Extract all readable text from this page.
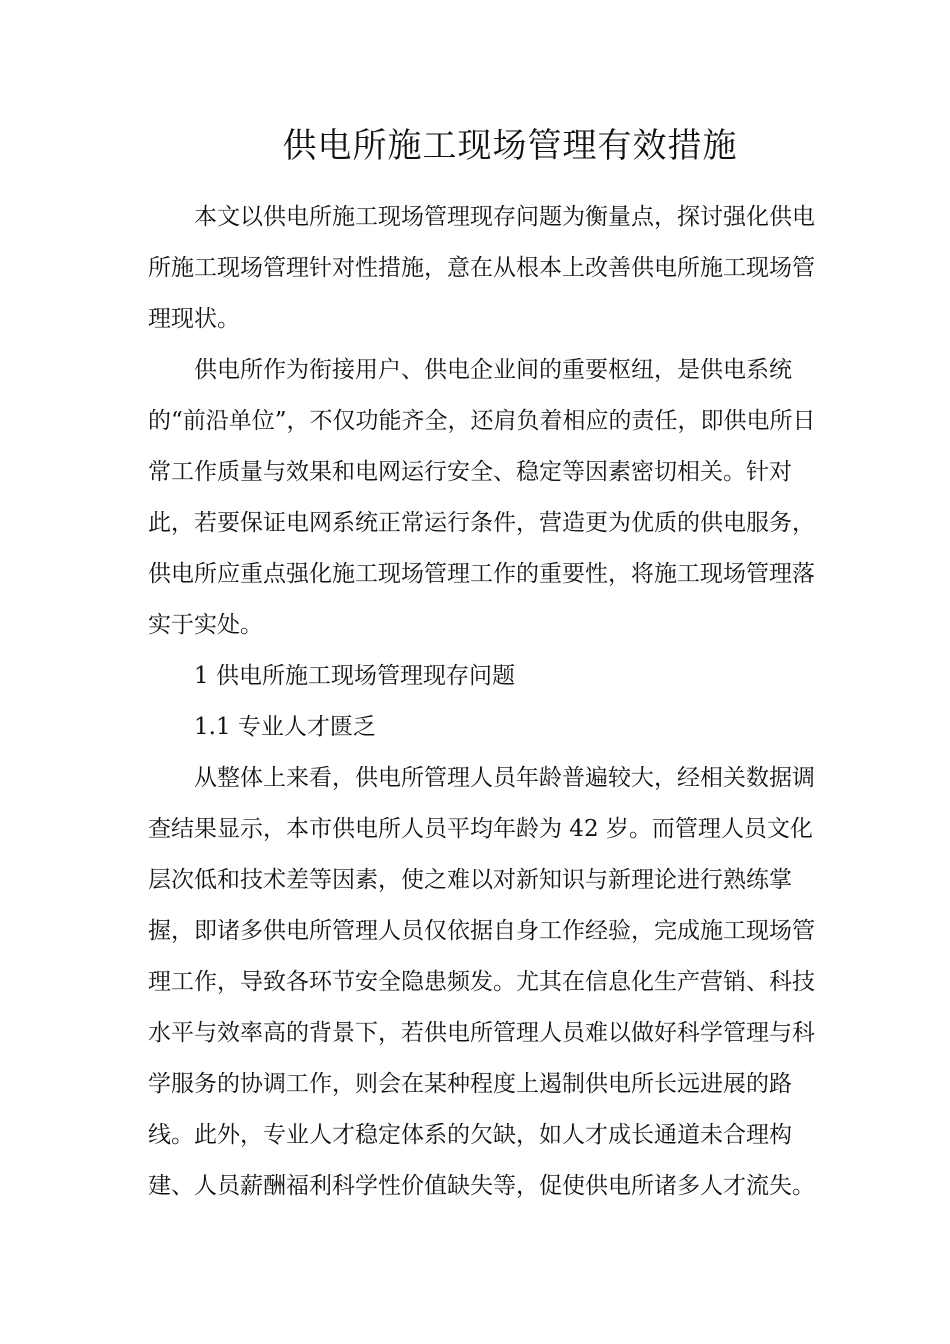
供电所施工现场管理有效措施

本文以供电所施工现场管理现存问题为衡量点，探讨强化供电
所施工现场管理针对性措施，意在从根本上改善供电所施工现场管
理现状。

供电所作为衔接用户、供电企业间的重要枢纽，是供电系统
的“前沿单位”，不仅功能齐全，还肩负着相应的责任，即供电所日
常工作质量与效果和电网运行安全、稳定等因素密切相关。针对
此，若要保证电网系统正常运行条件，营造更为优质的供电服务，
供电所应重点强化施工现场管理工作的重要性，将施工现场管理落
实于实处。

1 供电所施工现场管理现存问题

1.1 专业人才匮乏

从整体上来看，供电所管理人员年龄普遍较大，经相关数据调
查结果显示，本市供电所人员平均年龄为 42 岁。而管理人员文化
层次低和技术差等因素，使之难以对新知识与新理论进行熟练掌
握，即诸多供电所管理人员仅依据自身工作经验，完成施工现场管
理工作，导致各环节安全隐患频发。尤其在信息化生产营销、科技
水平与效率高的背景下，若供电所管理人员难以做好科学管理与科
学服务的协调工作，则会在某种程度上遏制供电所长远进展的路
线。此外，专业人才稳定体系的欠缺，如人才成长通道未合理构
建、人员薪酬福利科学性价值缺失等，促使供电所诸多人才流失。
